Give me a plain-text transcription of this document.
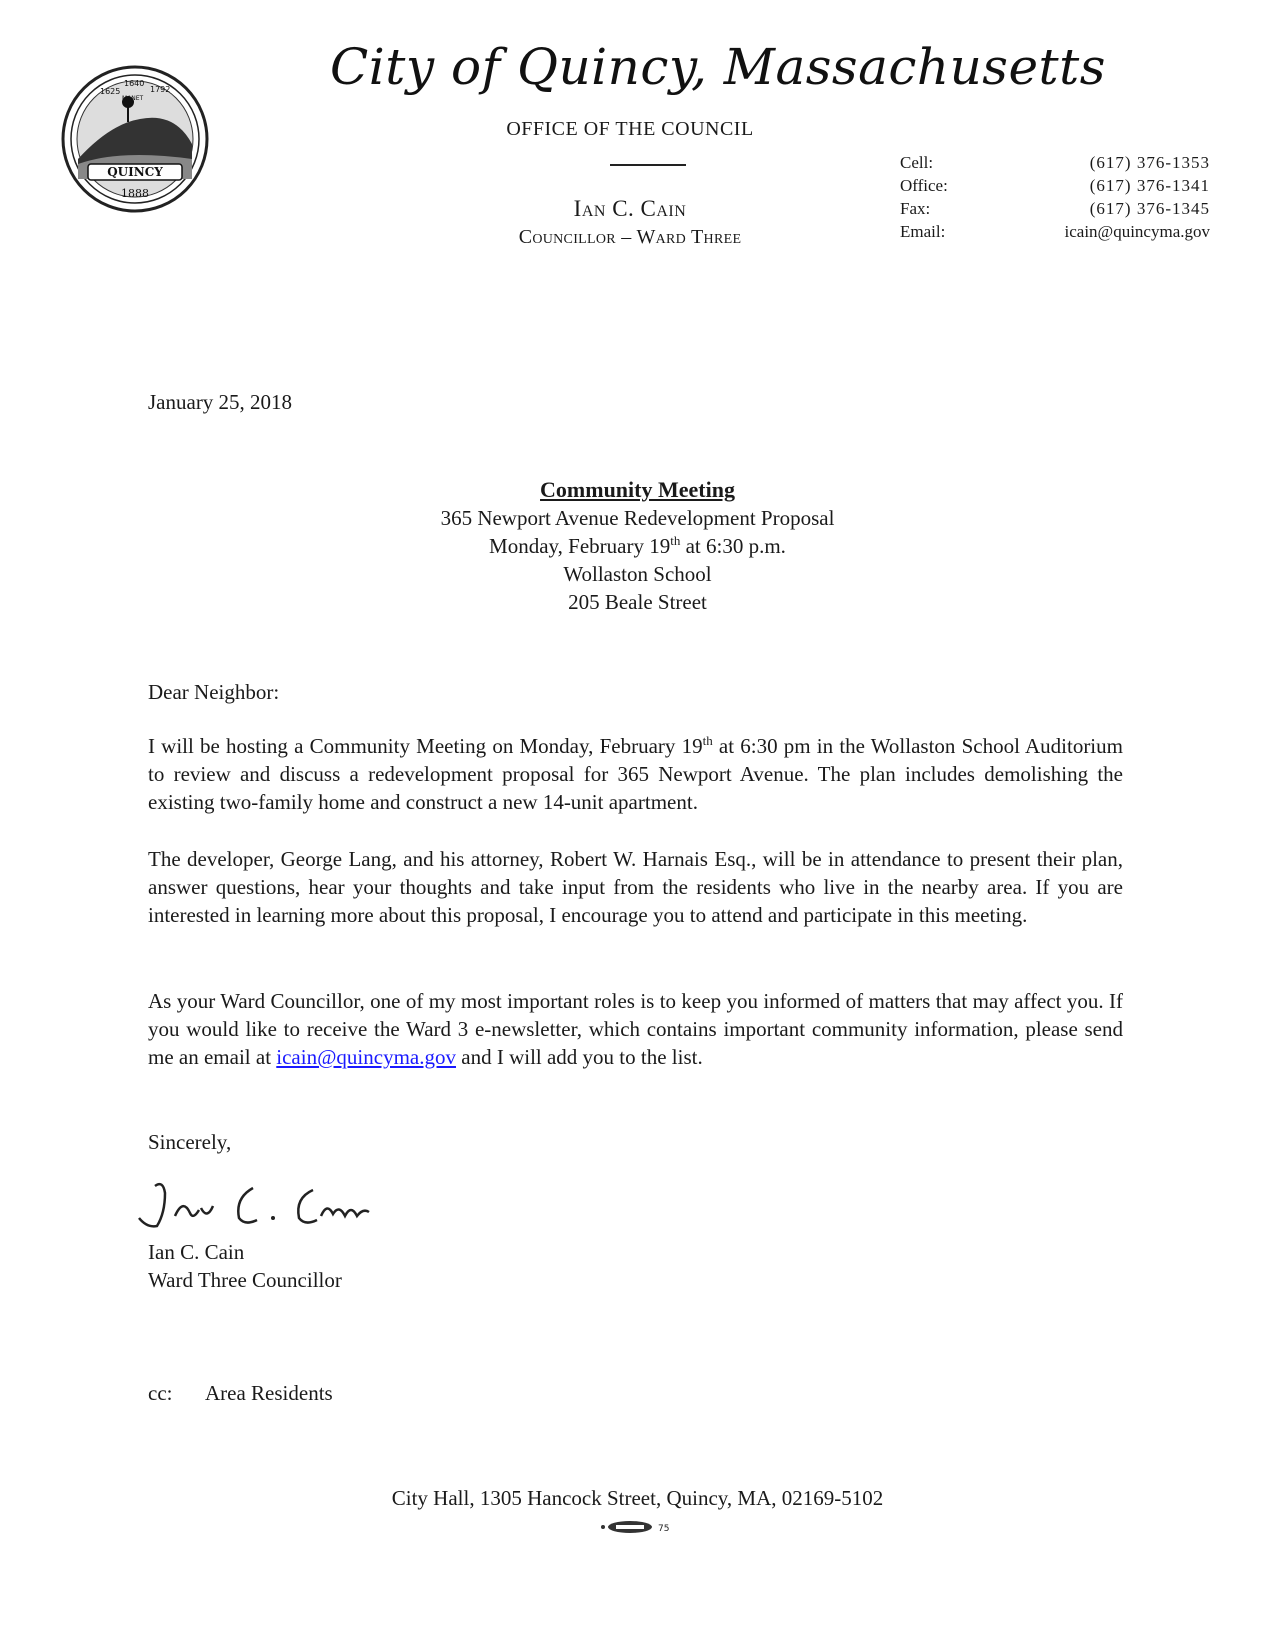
QUINCY
1888
1625
1640
1792
MANET
City of Quincy, Massachusetts
OFFICE OF THE COUNCIL
Ian C. Cain
Councillor – Ward Three
Cell:	(617) 376-1353
Office:	(617) 376-1341
Fax:	(617) 376-1345
Email:	icain@quincyma.gov
January 25, 2018
Community Meeting
365 Newport Avenue Redevelopment Proposal
Monday, February 19th at 6:30 p.m.
Wollaston School
205 Beale Street
Dear Neighbor:
I will be hosting a Community Meeting on Monday, February 19th at 6:30 pm in the Wollaston School Auditorium to review and discuss a redevelopment proposal for 365 Newport Avenue. The plan includes demolishing the existing two-family home and construct a new 14-unit apartment.
The developer, George Lang, and his attorney, Robert W. Harnais Esq., will be in attendance to present their plan, answer questions, hear your thoughts and take input from the residents who live in the nearby area. If you are interested in learning more about this proposal, I encourage you to attend and participate in this meeting.
As your Ward Councillor, one of my most important roles is to keep you informed of matters that may affect you. If you would like to receive the Ward 3 e-newsletter, which contains important community information, please send me an email at icain@quincyma.gov and I will add you to the list.
Sincerely,
Ian C. Cain
Ward Three Councillor
cc: Area Residents
City Hall, 1305 Hancock Street, Quincy, MA, 02169-5102
75
